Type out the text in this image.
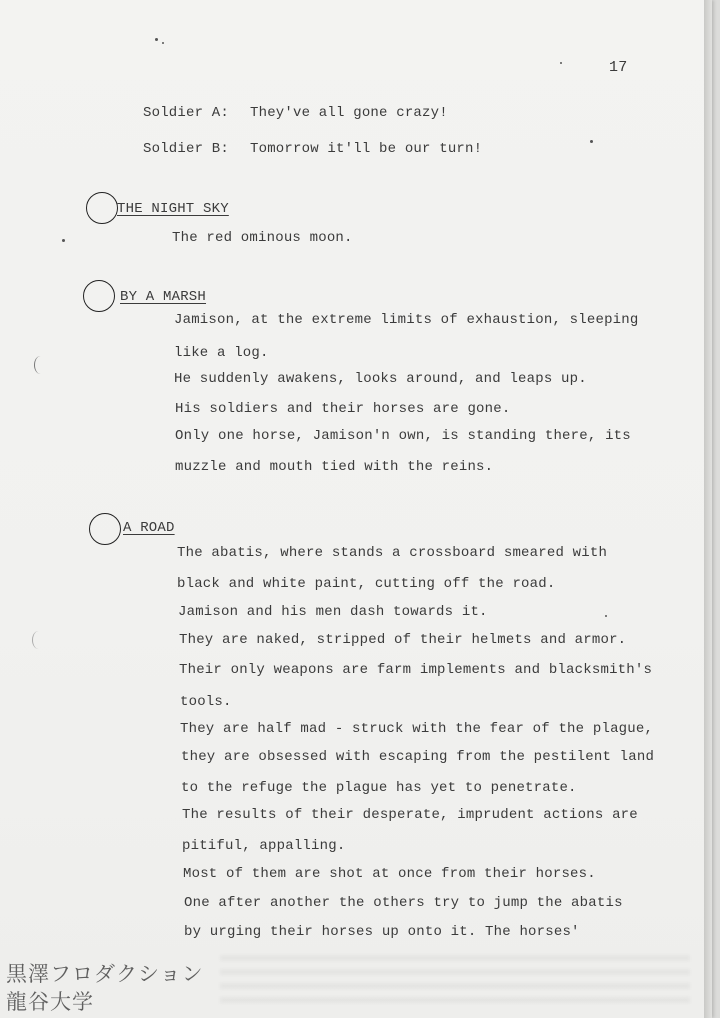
17
Soldier A: They've all gone crazy!
Soldier B: Tomorrow it'll be our turn!
THE NIGHT SKY
The red ominous moon.
BY A MARSH
Jamison, at the extreme limits of exhaustion, sleeping
like a log.
He suddenly awakens, looks around, and leaps up.
His soldiers and their horses are gone.
Only one horse, Jamison'n own, is standing there, its
muzzle and mouth tied with the reins.
A ROAD
The abatis, where stands a crossboard smeared with
black and white paint, cutting off the road.
Jamison and his men dash towards it.
They are naked, stripped of their helmets and armor.
Their only weapons are farm implements and blacksmith's
tools.
They are half mad - struck with the fear of the plague,
they are obsessed with escaping from the pestilent land
to the refuge the plague has yet to penetrate.
The results of their desperate, imprudent actions are
pitiful, appalling.
Most of them are shot at once from their horses.
One after another the others try to jump the abatis
by urging their horses up onto it. The horses'
黒澤フロダクション
龍谷大学
